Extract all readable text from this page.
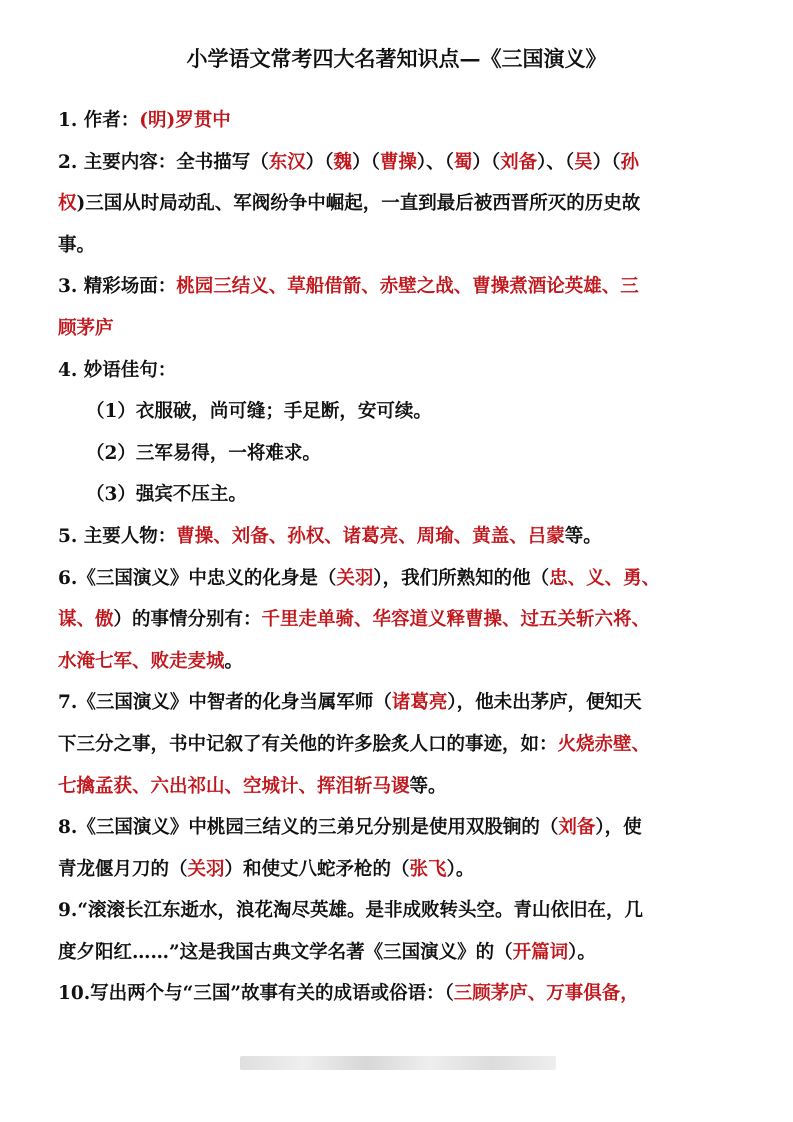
小学语文常考四大名著知识点—《三国演义》
1. 作者：(明)罗贯中
2. 主要内容：全书描写（东汉）（魏）（曹操）、（蜀）（刘备）、（吴）（孙
权)三国从时局动乱、军阀纷争中崛起，一直到最后被西晋所灭的历史故
事。
3. 精彩场面：桃园三结义、草船借箭、赤壁之战、曹操煮酒论英雄、三
顾茅庐
4. 妙语佳句：
（1）衣服破，尚可缝；手足断，安可续。
（2）三军易得，一将难求。
（3）强宾不压主。
5. 主要人物：曹操、刘备、孙权、诸葛亮、周瑜、黄盖、吕蒙等。
6.《三国演义》中忠义的化身是（关羽），我们所熟知的他（忠、义、勇、
谋、傲）的事情分别有：千里走单骑、华容道义释曹操、过五关斩六将、
水淹七军、败走麦城。
7.《三国演义》中智者的化身当属军师（诸葛亮），他未出茅庐，便知天
下三分之事，书中记叙了有关他的许多脍炙人口的事迹，如：火烧赤壁、
七擒孟获、六出祁山、空城计、挥泪斩马谡等。
8.《三国演义》中桃园三结义的三弟兄分别是使用双股锏的（刘备），使
青龙偃月刀的（关羽）和使丈八蛇矛枪的（张飞）。
9.“滚滚长江东逝水，浪花淘尽英雄。是非成败转头空。青山依旧在，几
度夕阳红……”这是我国古典文学名著《三国演义》的（开篇词）。
10.写出两个与“三国”故事有关的成语或俗语：（三顾茅庐、万事俱备，
